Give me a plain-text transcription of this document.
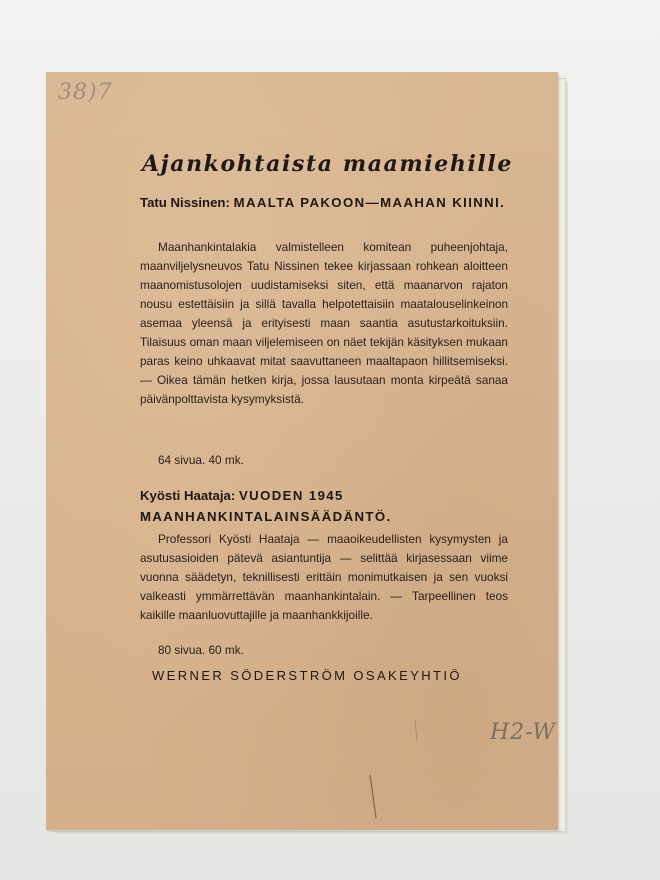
38)7
Ajankohtaista maamiehille
Tatu Nissinen: MAALTA PAKOON—MAAHAN KIINNI.
Maanhankintalakia valmistelleen komitean puheenjohtaja, maanviljelysneuvos Tatu Nissinen tekee kirjassaan rohkean aloitteen maanomistusolojen uudistamiseksi siten, että maanarvon rajaton nousu estettäisiin ja sillä tavalla helpotettaisiin maatalouselinkeinon asemaa yleensä ja erityisesti maan saantia asutustarkoituksiin. Tilaisuus oman maan viljelemiseen on näet tekijän käsityksen mukaan paras keino uhkaavat mitat saavuttaneen maaltapaon hillitsemiseksi. — Oikea tämän hetken kirja, jossa lausutaan monta kirpeätä sanaa päivänpolttavista kysymyksistä.
64 sivua. 40 mk.
Kyösti Haataja: VUODEN 1945 MAANHANKINTALAINSÄÄDÄNTÖ.
Professori Kyösti Haataja — maaoikeudellisten kysymysten ja asutusasioiden pätevä asiantuntija — selittää kirjasessaan viime vuonna säädetyn, teknillisesti erittäin monimutkaisen ja sen vuoksi valkeasti ymmärrettävän maanhankintalain. — Tarpeellinen teos kaikille maanluovuttajille ja maanhankkijoille.
80 sivua. 60 mk.
WERNER SÖDERSTRÖM OSAKEYHTIÖ
H2-W
